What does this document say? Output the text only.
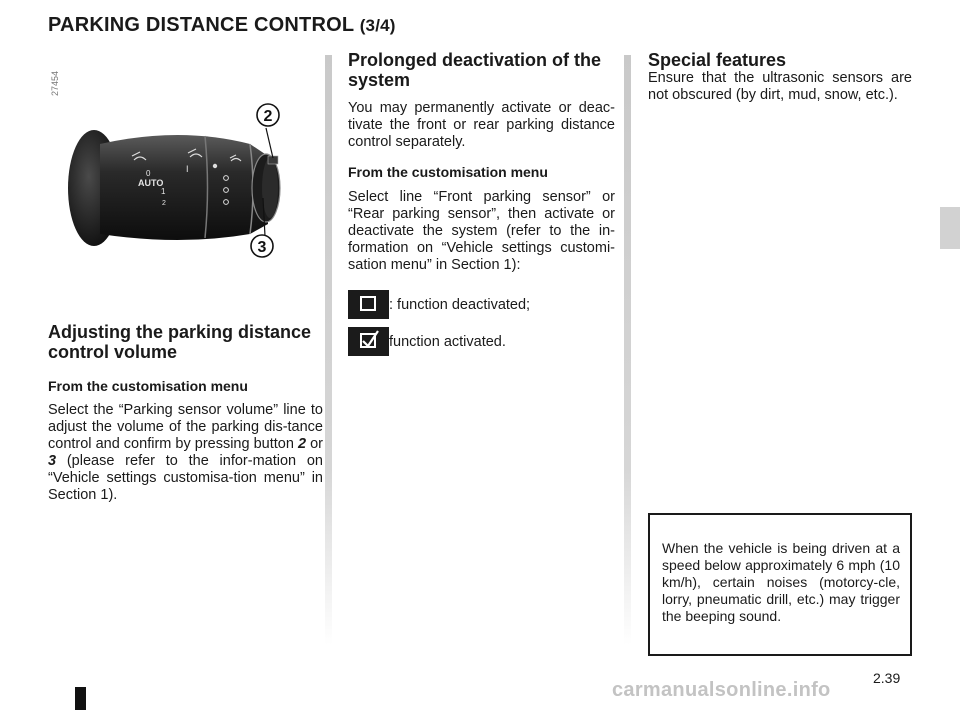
PARKING DISTANCE CONTROL (3/4)
27454
AUTO
0
1
2
I
2
3
Adjusting the parking distance control volume

From the customisation menu

Select the “Parking sensor volume” line to adjust the volume of the parking dis-tance control and confirm by pressing button 2 or 3 (please refer to the infor-mation on “Vehicle settings customisa-tion menu” in Section 1).

Prolonged deactivation of the system

You may permanently activate or deac-tivate the front or rear parking distance control separately.

From the customisation menu

Select line “Front parking sensor” or “Rear parking sensor”, then activate or deactivate the system (refer to the in-formation on “Vehicle settings customi-sation menu” in Section 1):

: function deactivated;
function activated.
Special features

Ensure that the ultrasonic sensors are not obscured (by dirt, mud, snow, etc.).

When the vehicle is being driven at a speed below approximately 6 mph (10 km/h), certain noises (motorcy-cle, lorry, pneumatic drill, etc.) may trigger the beeping sound.
2.39
carmanualsonline.info
